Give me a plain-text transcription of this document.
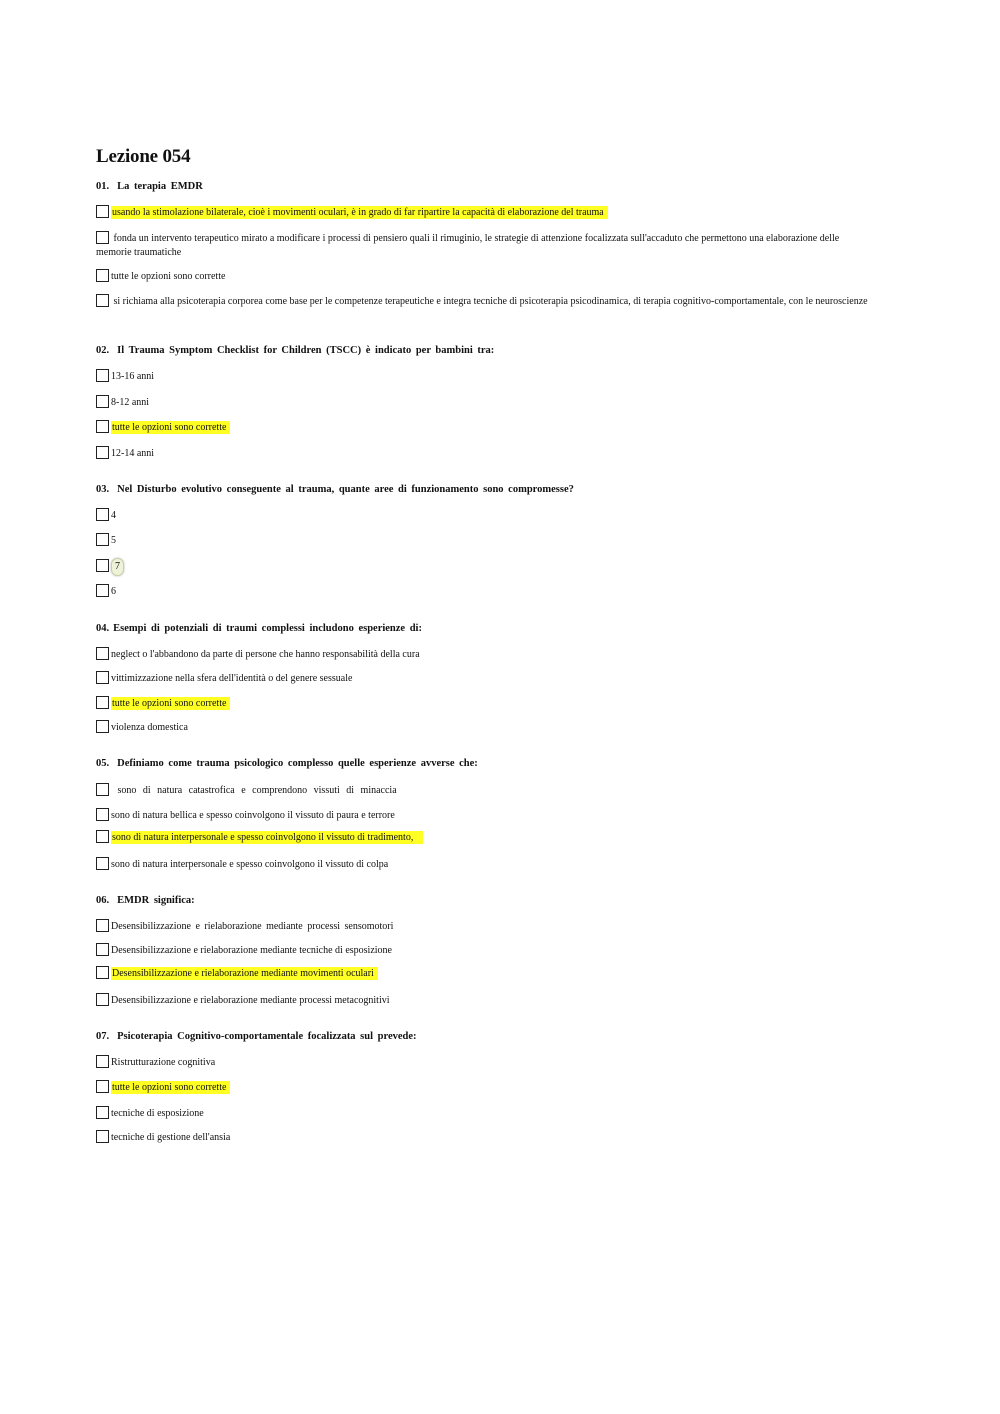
Lezione 054
01. La terapia EMDR
usando la stimolazione bilaterale, cioè i movimenti oculari, è in grado di far ripartire la capacità di elaborazione del trauma
fonda un intervento terapeutico mirato a modificare i processi di pensiero quali il rimuginio, le strategie di attenzione focalizzata sull'accaduto che permettono una elaborazione delle memorie traumatiche
tutte le opzioni sono corrette
si richiama alla psicoterapia corporea come base per le competenze terapeutiche e integra tecniche di psicoterapia psicodinamica, di terapia cognitivo-comportamentale, con le neuroscienze
02. Il Trauma Symptom Checklist for Children (TSCC) è indicato per bambini tra:
13-16 anni
8-12 anni
tutte le opzioni sono corrette
12-14 anni
03. Nel Disturbo evolutivo conseguente al trauma, quante aree di funzionamento sono compromesse?
4
5
7
6
04. Esempi di potenziali di traumi complessi includono esperienze di:
neglect o l'abbandono da parte di persone che hanno responsabilità della cura
vittimizzazione nella sfera dell'identità o del genere sessuale
tutte le opzioni sono corrette
violenza domestica
05. Definiamo come trauma psicologico complesso quelle esperienze avverse che:
sono di natura catastrofica e comprendono vissuti di minaccia
sono di natura bellica e spesso coinvolgono il vissuto di paura e terrore
sono di natura interpersonale e spesso coinvolgono il vissuto di tradimento,
sono di natura interpersonale e spesso coinvolgono il vissuto di colpa
06. EMDR significa:
Desensibilizzazione e rielaborazione mediante processi sensomotori
Desensibilizzazione e rielaborazione mediante tecniche di esposizione
Desensibilizzazione e rielaborazione mediante movimenti oculari
Desensibilizzazione e rielaborazione mediante processi metacognitivi
07. Psicoterapia Cognitivo-comportamentale focalizzata sul prevede:
Ristrutturazione cognitiva
tutte le opzioni sono corrette
tecniche di esposizione
tecniche di gestione dell'ansia
